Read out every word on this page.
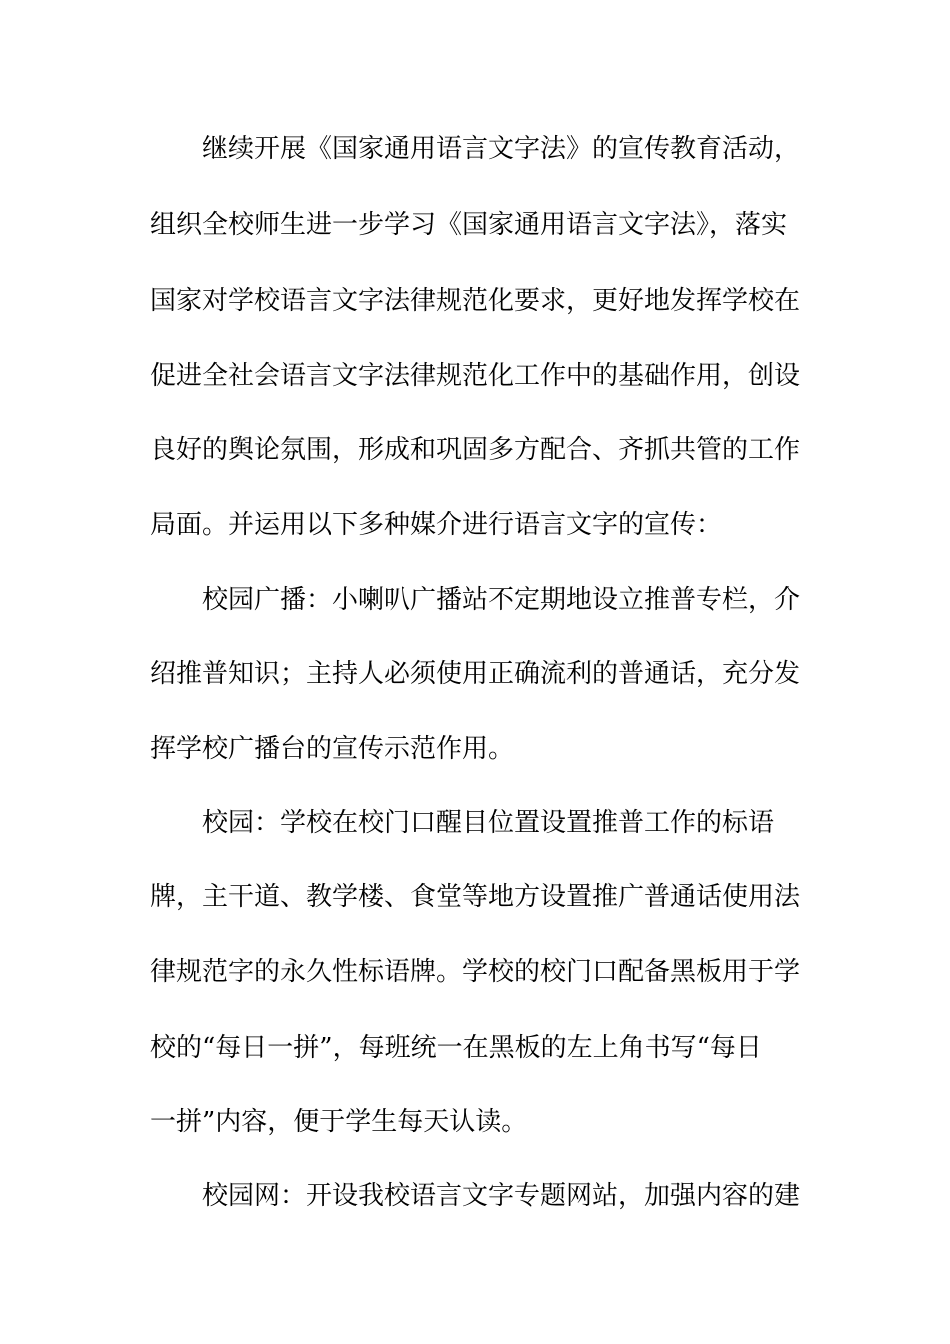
继续开展《国家通用语言文字法》的宣传教育活动，
组织全校师生进一步学习《国家通用语言文字法》，落实
国家对学校语言文字法律规范化要求，更好地发挥学校在
促进全社会语言文字法律规范化工作中的基础作用，创设
良好的舆论氛围，形成和巩固多方配合、齐抓共管的工作
局面。并运用以下多种媒介进行语言文字的宣传：
校园广播：小喇叭广播站不定期地设立推普专栏，介
绍推普知识；主持人必须使用正确流利的普通话，充分发
挥学校广播台的宣传示范作用。
校园：学校在校门口醒目位置设置推普工作的标语
牌，主干道、教学楼、食堂等地方设置推广普通话使用法
律规范字的永久性标语牌。学校的校门口配备黑板用于学
校的“每日一拼”，每班统一在黑板的左上角书写“每日
一拼”内容，便于学生每天认读。
校园网：开设我校语言文字专题网站，加强内容的建
